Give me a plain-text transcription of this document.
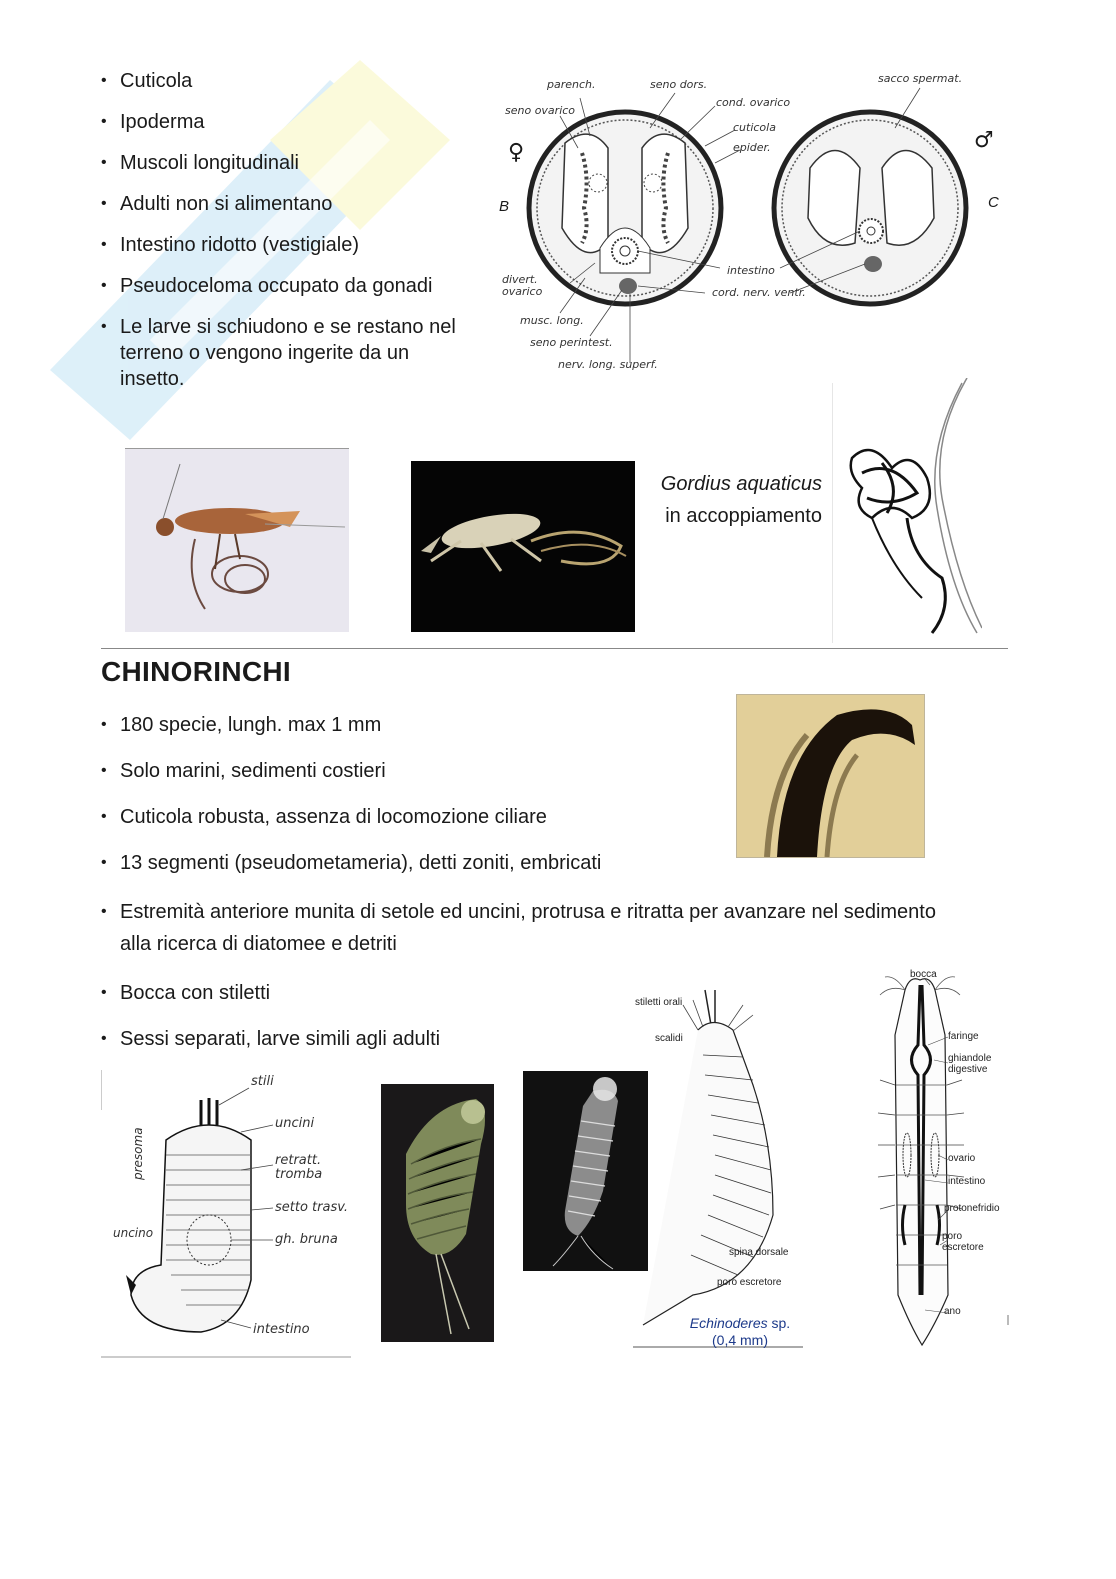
• Cuticola
• Ipoderma
• Muscoli longitudinali
• Adulti non si alimentano
• Intestino ridotto (vestigiale)
• Pseudoceloma occupato da gonadi
• Le larve si schiudono e se restano nel terreno o vengono ingerite da un insetto.
parench.	seno dors.	sacco spermat.
seno ovarico
cond. ovarico
cuticola
epider.
♀	♂
B	C
intestino
divert. ovarico	cord. nerv. ventr.
musc. long.
seno perintest.
nerv. long. superf.
Gordius aquaticus in accoppiamento
CHINORINCHI
• 180 specie, lungh. max 1 mm
• Solo marini, sedimenti costieri
• Cuticola robusta, assenza di locomozione ciliare
• 13 segmenti (pseudometameria), detti zoniti, embricati
• Estremità anteriore munita di setole ed uncini, protrusa e ritratta per avanzare nel sedimento alla ricerca di diatomee e detriti
• Bocca con stiletti
• Sessi separati, larve simili agli adulti
stili
uncini
retratt. tromba
presoma
setto trasv.
uncino	gh. bruna
intestino
stiletti orali
scalidi
spina dorsale
poro escretore
Echinoderes sp.
(0,4 mm)
bocca
faringe
ghiandole digestive
ovario
intestino
protonefridio
poro escretore
ano
